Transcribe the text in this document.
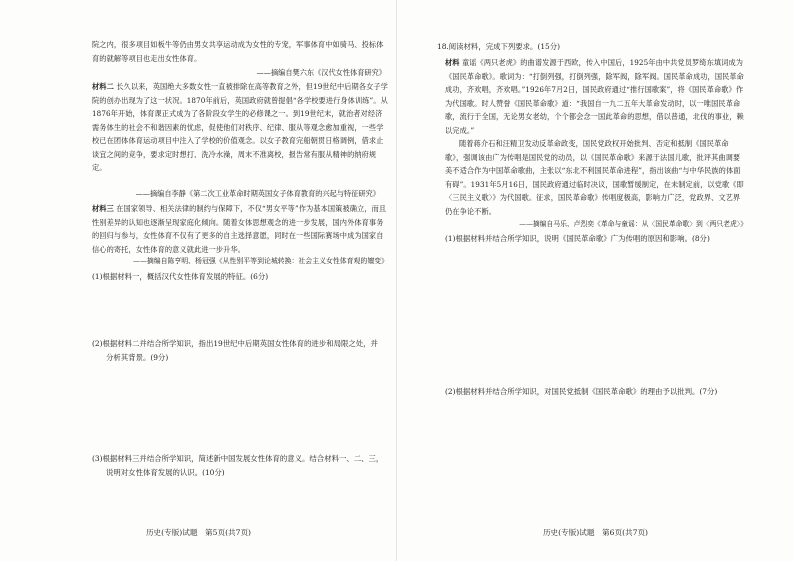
院之内，很多项目如板牛等仍由男女共享运动成为女性的专宠，军事体育中如骑马、投标体育的就解等项目也走出女性体育。
——摘编自樊六东《汉代女性体育研究》
材料二 长久以来，英国绝大多数女性一直被排除在高等教育之外，但19世纪中后期各女子学院的创办出现为了这一状况。1870年前后，英国政府就曾提倡“各学校要进行身体训练”。从1876年开始，体育课正式成为了各阶段女学生的必修课之一。到19世纪末，就治者对经济需务体生的社会不和谐因素的忧虑，促使他们对秩序、纪律、服从等观念愈加重视，一些学校已在团体体育运动项目中注入了学校的价值观念。以女子教育完船朝贯日格调例，借求止谈宜之间的竞争，要求定时想打、洗冷水澡，周末不准离校，报告常有服从精神的纳府规定。
——摘编自李静《第二次工业革命时期英国女子体育教育的兴起与特征研究》
材料三 在国家领导、相关法律的制约与保障下，不仅“男女平等”作为基本国策被确立，而且性别差异的认知也逐渐呈现家庭化倾向。随着女体思想观念的进一步发展，国内外体育事务的回归与参与，女性体育不仅有了更多的自主选择意愿，同时在一些国际赛场中成为国家自信心的寄托，女性体育的意义就此进一步升华。
——摘编自陈亨明、杨冠强《从性别平等到论城转换：社会主义女性体育观的嬗变》
(1)根据材料一，概括汉代女性体育发展的特征。(6分)
(2)根据材料二并结合所学知识，指出19世纪中后期英国女性体育的进步和局限之处，并
分析其背景。(9分)
(3)根据材料三并结合所学知识，简述新中国发展女性体育的意义。结合材料一、二、三，
说明对女性体育发展的认识。(10分)
历史(专版)试题　第5页(共7页)
18.阅读材料，完成下列要求。(15分)
材料 童谣《两只老虎》的曲谱发源于西欧，传入中国后，1925年由中共党员罗绮东填词成为《国民革命歌》。歌词为：“打倒列强，打倒列强，除军阀，除军阀。国民革命成功，国民革命成功，齐欢唱，齐欢唱。”1926年7月2日，国民政府通过“推行国歌案”，将《国民革命歌》作为代国歌。时人赞誉《国民革命歌》道：“我国自一九二五年大革命发动时，以一唯国民革命歌，流行于全国，无论男女老幼，个个都会念一国此革命的思想，借以普通，北伐的事业，赖以完成。”
随着蒋介石和汪精卫发动反革命政变，国民党政权开始批判、否定和抵制《国民革命歌》，强调该由广为传唱是国民党的动员，以《国民革命歌》来源于法国儿歌，批评其曲调要美不适合作为中国革命歌曲，主张以“东北不利国民革命进程”，指出该曲“与中华民族的体面有碍”。1931年5月16日，国民政府通过临时决议，国歌暂缓制定，在未制定前，以党歌《即〈三民主义歌〉》为代国歌。征求，国民革命歌》传唱度极高，影响力广泛，党政界、文艺界仍在争论不断。
——摘编自马乐、卢烈奕《革命与童谣：从〈国民革命歌〉到〈两只老虎〉》
(1)根据材料并结合所学知识，说明《国民革命歌》广为传唱的原因和影响。(8分)
(2)根据材料并结合所学知识，对国民党抵制《国民革命歌》的理由予以批判。(7分)
历史(专版)试题　第6页(共7页)
